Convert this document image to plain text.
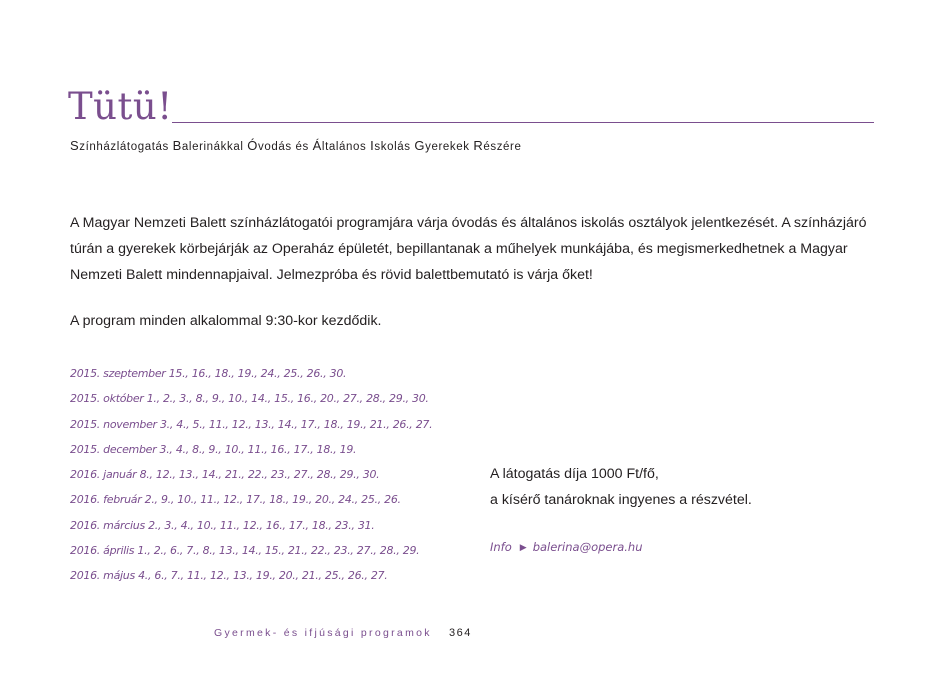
Tütü!
Színházlátogatás Balerinákkal Óvodás és Általános Iskolás Gyerekek Részére
A Magyar Nemzeti Balett színházlátogatói programjára várja óvodás és általános iskolás osztályok jelentkezését. A színházjáró túrán a gyerekek körbejárják az Operaház épületét, bepillantanak a műhelyek munkájába, és megismerkedhetnek a Magyar Nemzeti Balett mindennapjaival. Jelmezpróba és rövid balettbemutató is várja őket!
A program minden alkalommal 9:30-kor kezdődik.
2015. szeptember 15., 16., 18., 19., 24., 25., 26., 30.
2015. október 1., 2., 3., 8., 9., 10., 14., 15., 16., 20., 27., 28., 29., 30.
2015. november 3., 4., 5., 11., 12., 13., 14., 17., 18., 19., 21., 26., 27.
2015. december 3., 4., 8., 9., 10., 11., 16., 17., 18., 19.
2016. január 8., 12., 13., 14., 21., 22., 23., 27., 28., 29., 30.
2016. február 2., 9., 10., 11., 12., 17., 18., 19., 20., 24., 25., 26.
2016. március 2., 3., 4., 10., 11., 12., 16., 17., 18., 23., 31.
2016. április 1., 2., 6., 7., 8., 13., 14., 15., 21., 22., 23., 27., 28., 29.
2016. május 4., 6., 7., 11., 12., 13., 19., 20., 21., 25., 26., 27.
A látogatás díja 1000 Ft/fő,
a kísérő tanároknak ingyenes a részvétel.
Info ▶ balerina@opera.hu
Gyermek- és ifjúsági programok 364
